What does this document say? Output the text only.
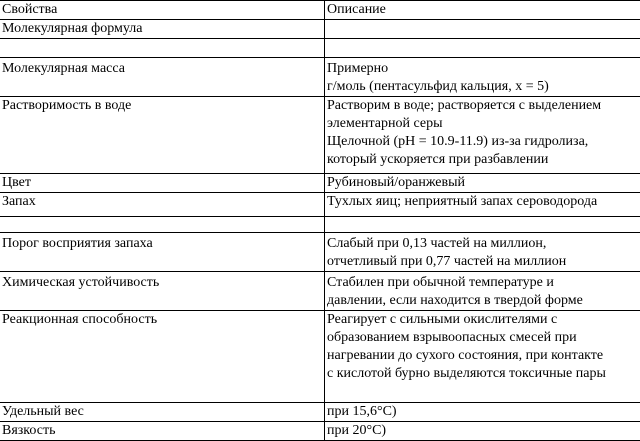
Свойства	Описание

Молекулярная формула	

Молекулярная масса	Примерно
г/моль (пентасульфид кальция, x = 5)

Растворимость в воде	Растворим в воде; растворяется с выделением
элементарной серы
Щелочной (pH = 10.9-11.9) из-за гидролиза,
который ускоряется при разбавлении

Цвет	Рубиновый/оранжевый

Запах	Тухлых яиц; неприятный запах сероводорода

Порог восприятия запаха	Слабый при 0,13 частей на миллион,
отчетливый при 0,77 частей на миллион

Химическая устойчивость	Стабилен при обычной температуре и
давлении, если находится в твердой форме

Реакционная способность	Реагирует с сильными окислителями с
образованием взрывоопасных смесей при
нагревании до сухого состояния, при контакте
с кислотой бурно выделяются токсичные пары

Удельный вес	при 15,6°C)

Вязкость	при 20°C)
